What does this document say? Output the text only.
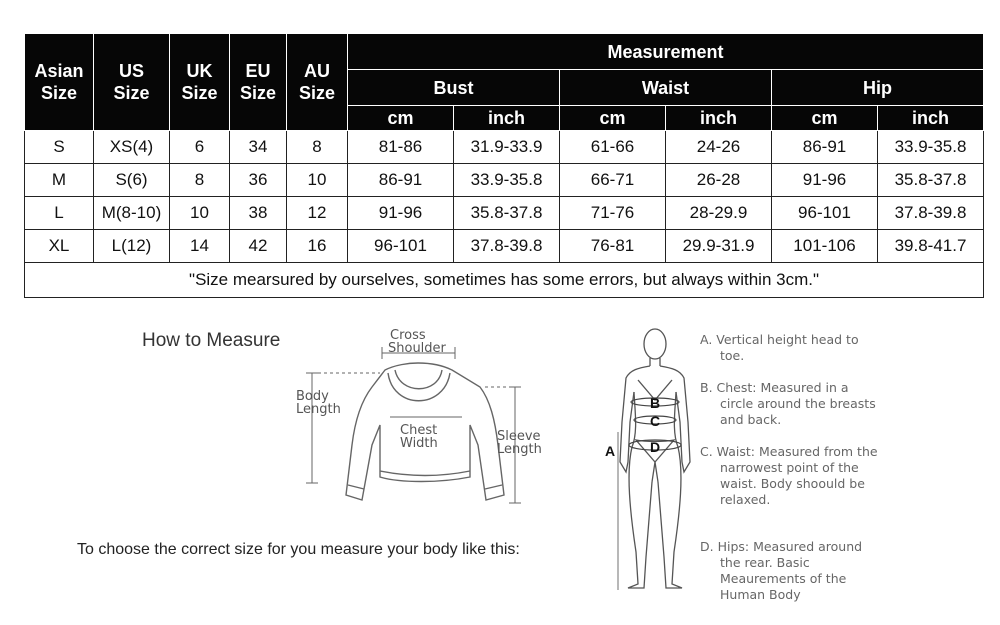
Asian
Size	US
Size	UK
Size	EU
Size	AU
Size	Measurement					
					Bust		Waist		Hip	
					cm	inch	cm	inch	cm	inch
S	XS(4)	6	34	8	81-86	31.9-33.9	61-66	24-26	86-91	33.9-35.8
M	S(6)	8	36	10	86-91	33.9-35.8	66-71	26-28	91-96	35.8-37.8
L	M(8-10)	10	38	12	91-96	35.8-37.8	71-76	28-29.9	96-101	37.8-39.8
XL	L(12)	14	42	16	96-101	37.8-39.8	76-81	29.9-31.9	101-106	39.8-41.7
"Size mearsured by ourselves, sometimes has some errors, but always within 3cm."										
How to Measure	Cross
Shoulder
Body
Length
Chest
Width	Sleeve
Length
To choose the correct size for you measure your body like this:
B
C
D
A
A. Vertical height head to toe.
B. Chest: Measured in a circle around the breasts and back.
C. Waist: Measured from the narrowest point of the waist. Body shoould be relaxed.
D. Hips: Measured around the rear. Basic Meaurements of the Human Body
